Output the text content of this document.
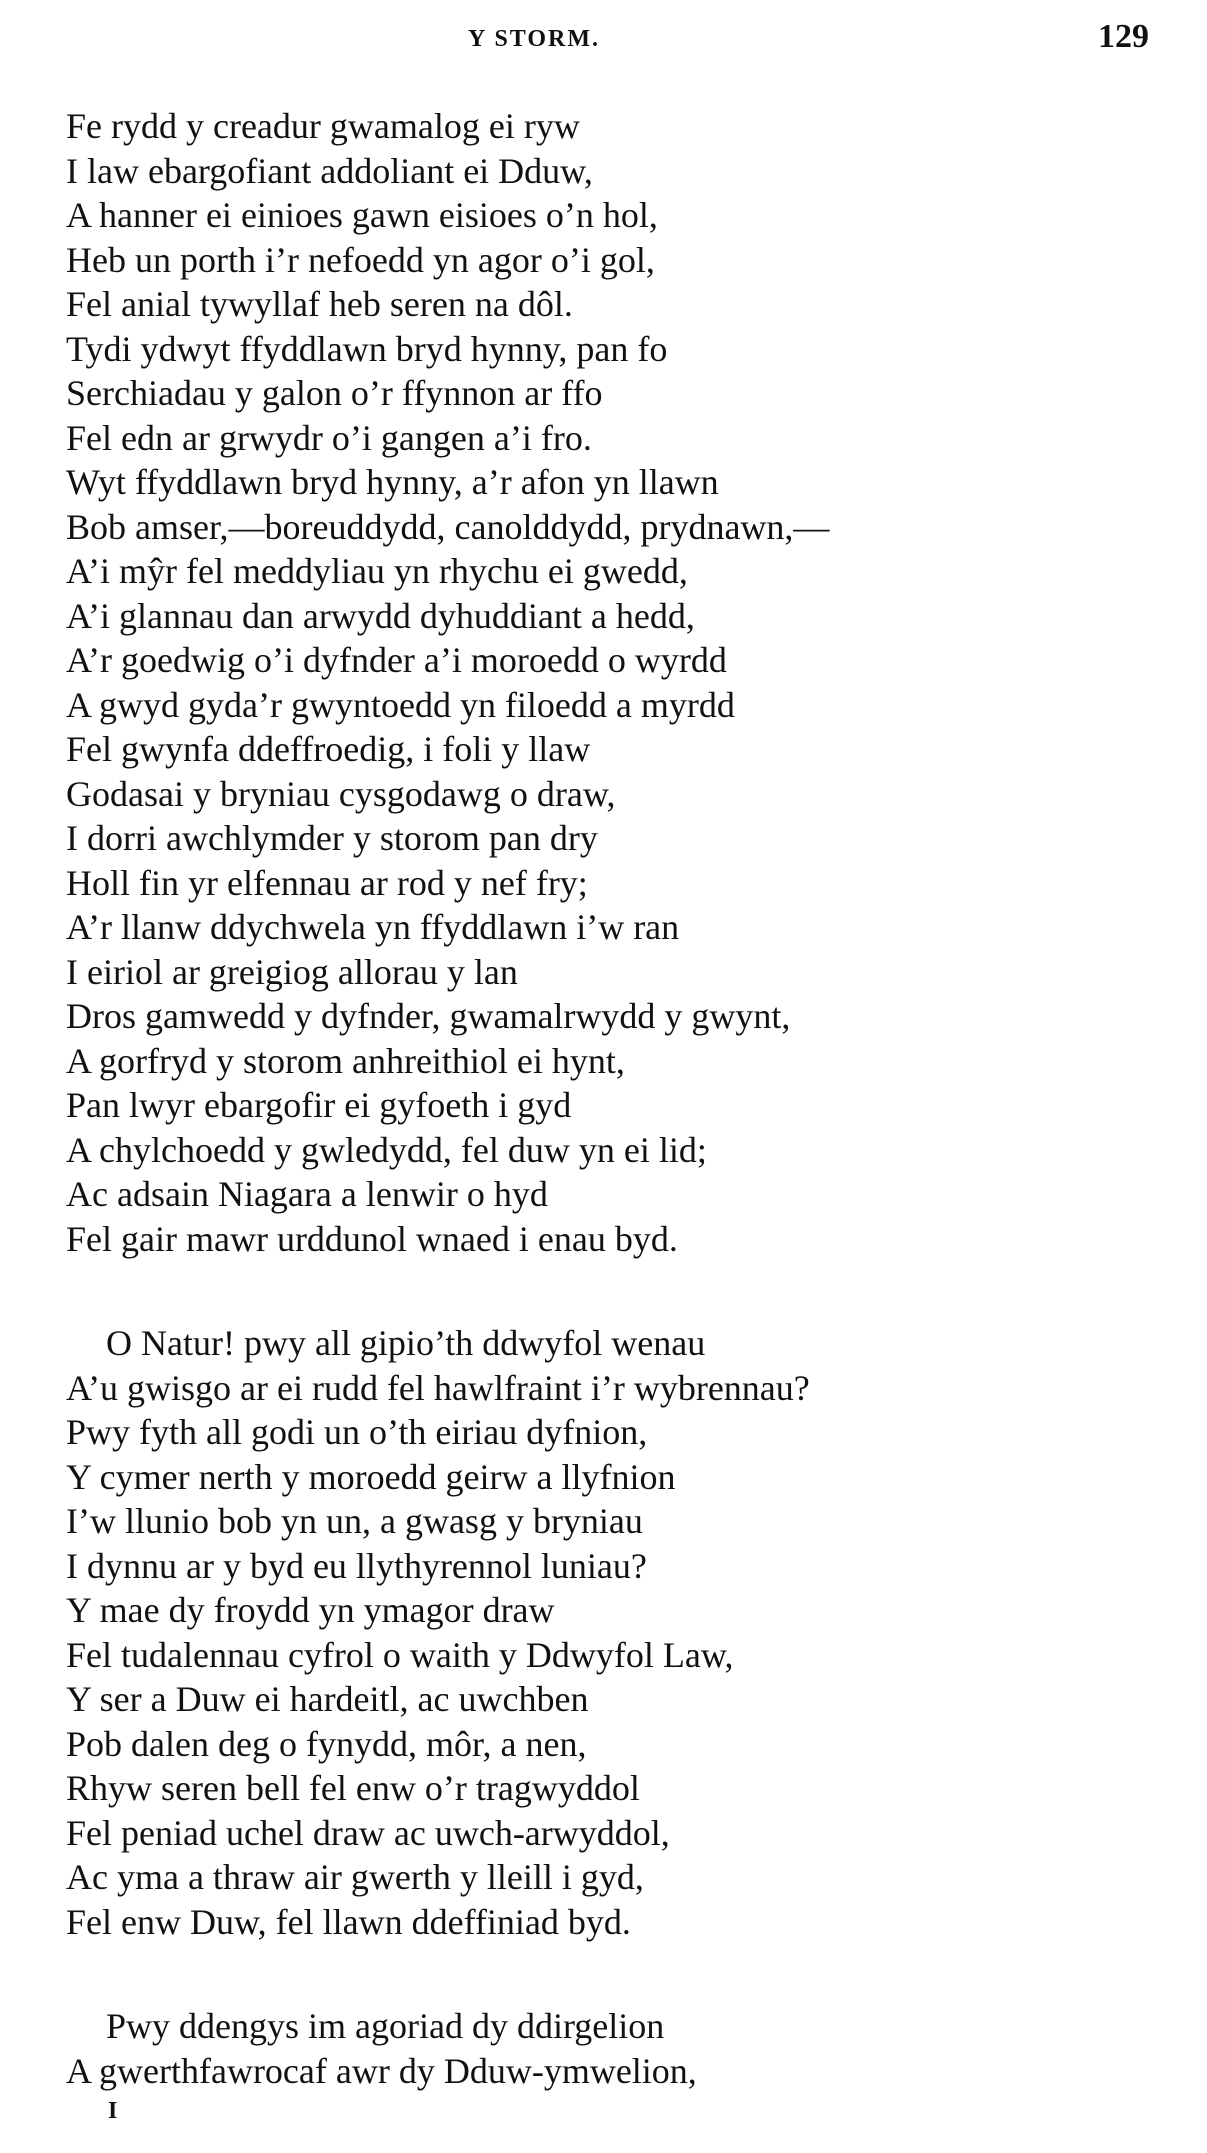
Y STORM.	129
Fe rydd y creadur gwamalog ei ryw
I law ebargofiant addoliant ei Dduw,
A hanner ei einioes gawn eisioes o’n hol,
Heb un porth i’r nefoedd yn agor o’i gol,
Fel anial tywyllaf heb seren na dôl.
Tydi ydwyt ffyddlawn bryd hynny, pan fo
Serchiadau y galon o’r ffynnon ar ffo
Fel edn ar grwydr o’i gangen a’i fro.
Wyt ffyddlawn bryd hynny, a’r afon yn llawn
Bob amser,—boreuddydd, canolddydd, prydnawn,—
A’i mŷr fel meddyliau yn rhychu ei gwedd,
A’i glannau dan arwydd dyhuddiant a hedd,
A’r goedwig o’i dyfnder a’i moroedd o wyrdd
A gwyd gyda’r gwyntoedd yn filoedd a myrdd
Fel gwynfa ddeffroedig, i foli y llaw
Godasai y bryniau cysgodawg o draw,
I dorri awchlymder y storom pan dry
Holl fin yr elfennau ar rod y nef fry;
A’r llanw ddychwela yn ffyddlawn i’w ran
I eiriol ar greigiog allorau y lan
Dros gamwedd y dyfnder, gwamalrwydd y gwynt,
A gorfryd y storom anhreithiol ei hynt,
Pan lwyr ebargofir ei gyfoeth i gyd
A chylchoedd y gwledydd, fel duw yn ei lid;
Ac adsain Niagara a lenwir o hyd
Fel gair mawr urddunol wnaed i enau byd.
O Natur! pwy all gipio’th ddwyfol wenau
A’u gwisgo ar ei rudd fel hawlfraint i’r wybrennau?
Pwy fyth all godi un o’th eiriau dyfnion,
Y cymer nerth y moroedd geirw a llyfnion
I’w llunio bob yn un, a gwasg y bryniau
I dynnu ar y byd eu llythyrennol luniau?
Y mae dy froydd yn ymagor draw
Fel tudalennau cyfrol o waith y Ddwyfol Law,
Y ser a Duw ei hardeitl, ac uwchben
Pob dalen deg o fynydd, môr, a nen,
Rhyw seren bell fel enw o’r tragwyddol
Fel peniad uchel draw ac uwch-arwyddol,
Ac yma a thraw air gwerth y lleill i gyd,
Fel enw Duw, fel llawn ddeffiniad byd.
Pwy ddengys im agoriad dy ddirgelion
A gwerthfawrocaf awr dy Dduw-ymwelion,
I
